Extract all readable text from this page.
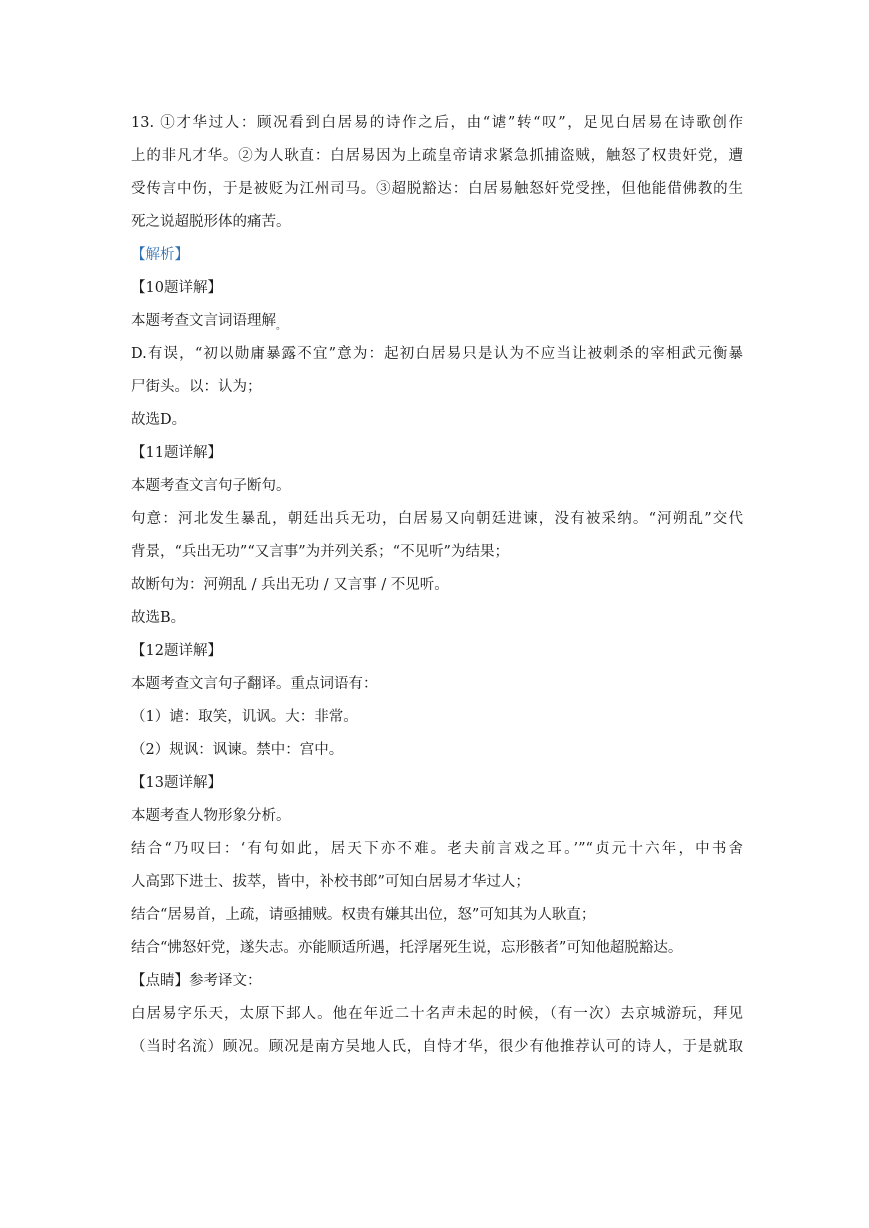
13. ①才华过人：顾况看到白居易的诗作之后，由“谑”转“叹”，足见白居易在诗歌创作
上的非凡才华。②为人耿直：白居易因为上疏皇帝请求紧急抓捕盗贼，触怒了权贵奸党，遭
受传言中伤，于是被贬为江州司马。③超脱豁达：白居易触怒奸党受挫，但他能借佛教的生
死之说超脱形体的痛苦。
【解析】
【10题详解】
本题考查文言词语理解$_。$
D.有误，“初以勋庸暴露不宜”意为：起初白居易只是认为不应当让被刺杀的宰相武元衡暴
尸街头。以：认为；
故选D。
【11题详解】
本题考查文言句子断句。
句意：河北发生暴乱，朝廷出兵无功，白居易又向朝廷进谏，没有被采纳。“河朔乱”交代
背景，“兵出无功”“又言事”为并列关系；“不见听”为结果；
故断句为：河朔乱 / 兵出无功 / 又言事 / 不见听。
故选B。
【12题详解】
本题考查文言句子翻译。重点词语有：
（1）谑：取笑，讥讽。大：非常。
（2）规讽：讽谏。禁中：宫中。
【13题详解】
本题考查人物形象分析。
结合“乃叹曰：‘有句如此，居天下亦不难。老夫前言戏之耳。’”“贞元十六年，中书舍
人高郢下进士、拔萃，皆中，补校书郎”可知白居易才华过人；
结合“居易首，上疏，请亟捕贼。权贵有嫌其出位，怒”可知其为人耿直；
结合“怫怒奸党，遂失志。亦能顺适所遇，托浮屠死生说，忘形骸者”可知他超脱豁达。
【点睛】参考译文：
白居易字乐天，太原下邽人。他在年近二十名声未起的时候，（有一次）去京城游玩，拜见
（当时名流）顾况。顾况是南方吴地人氏，自恃才华，很少有他推荐认可的诗人，于是就取
